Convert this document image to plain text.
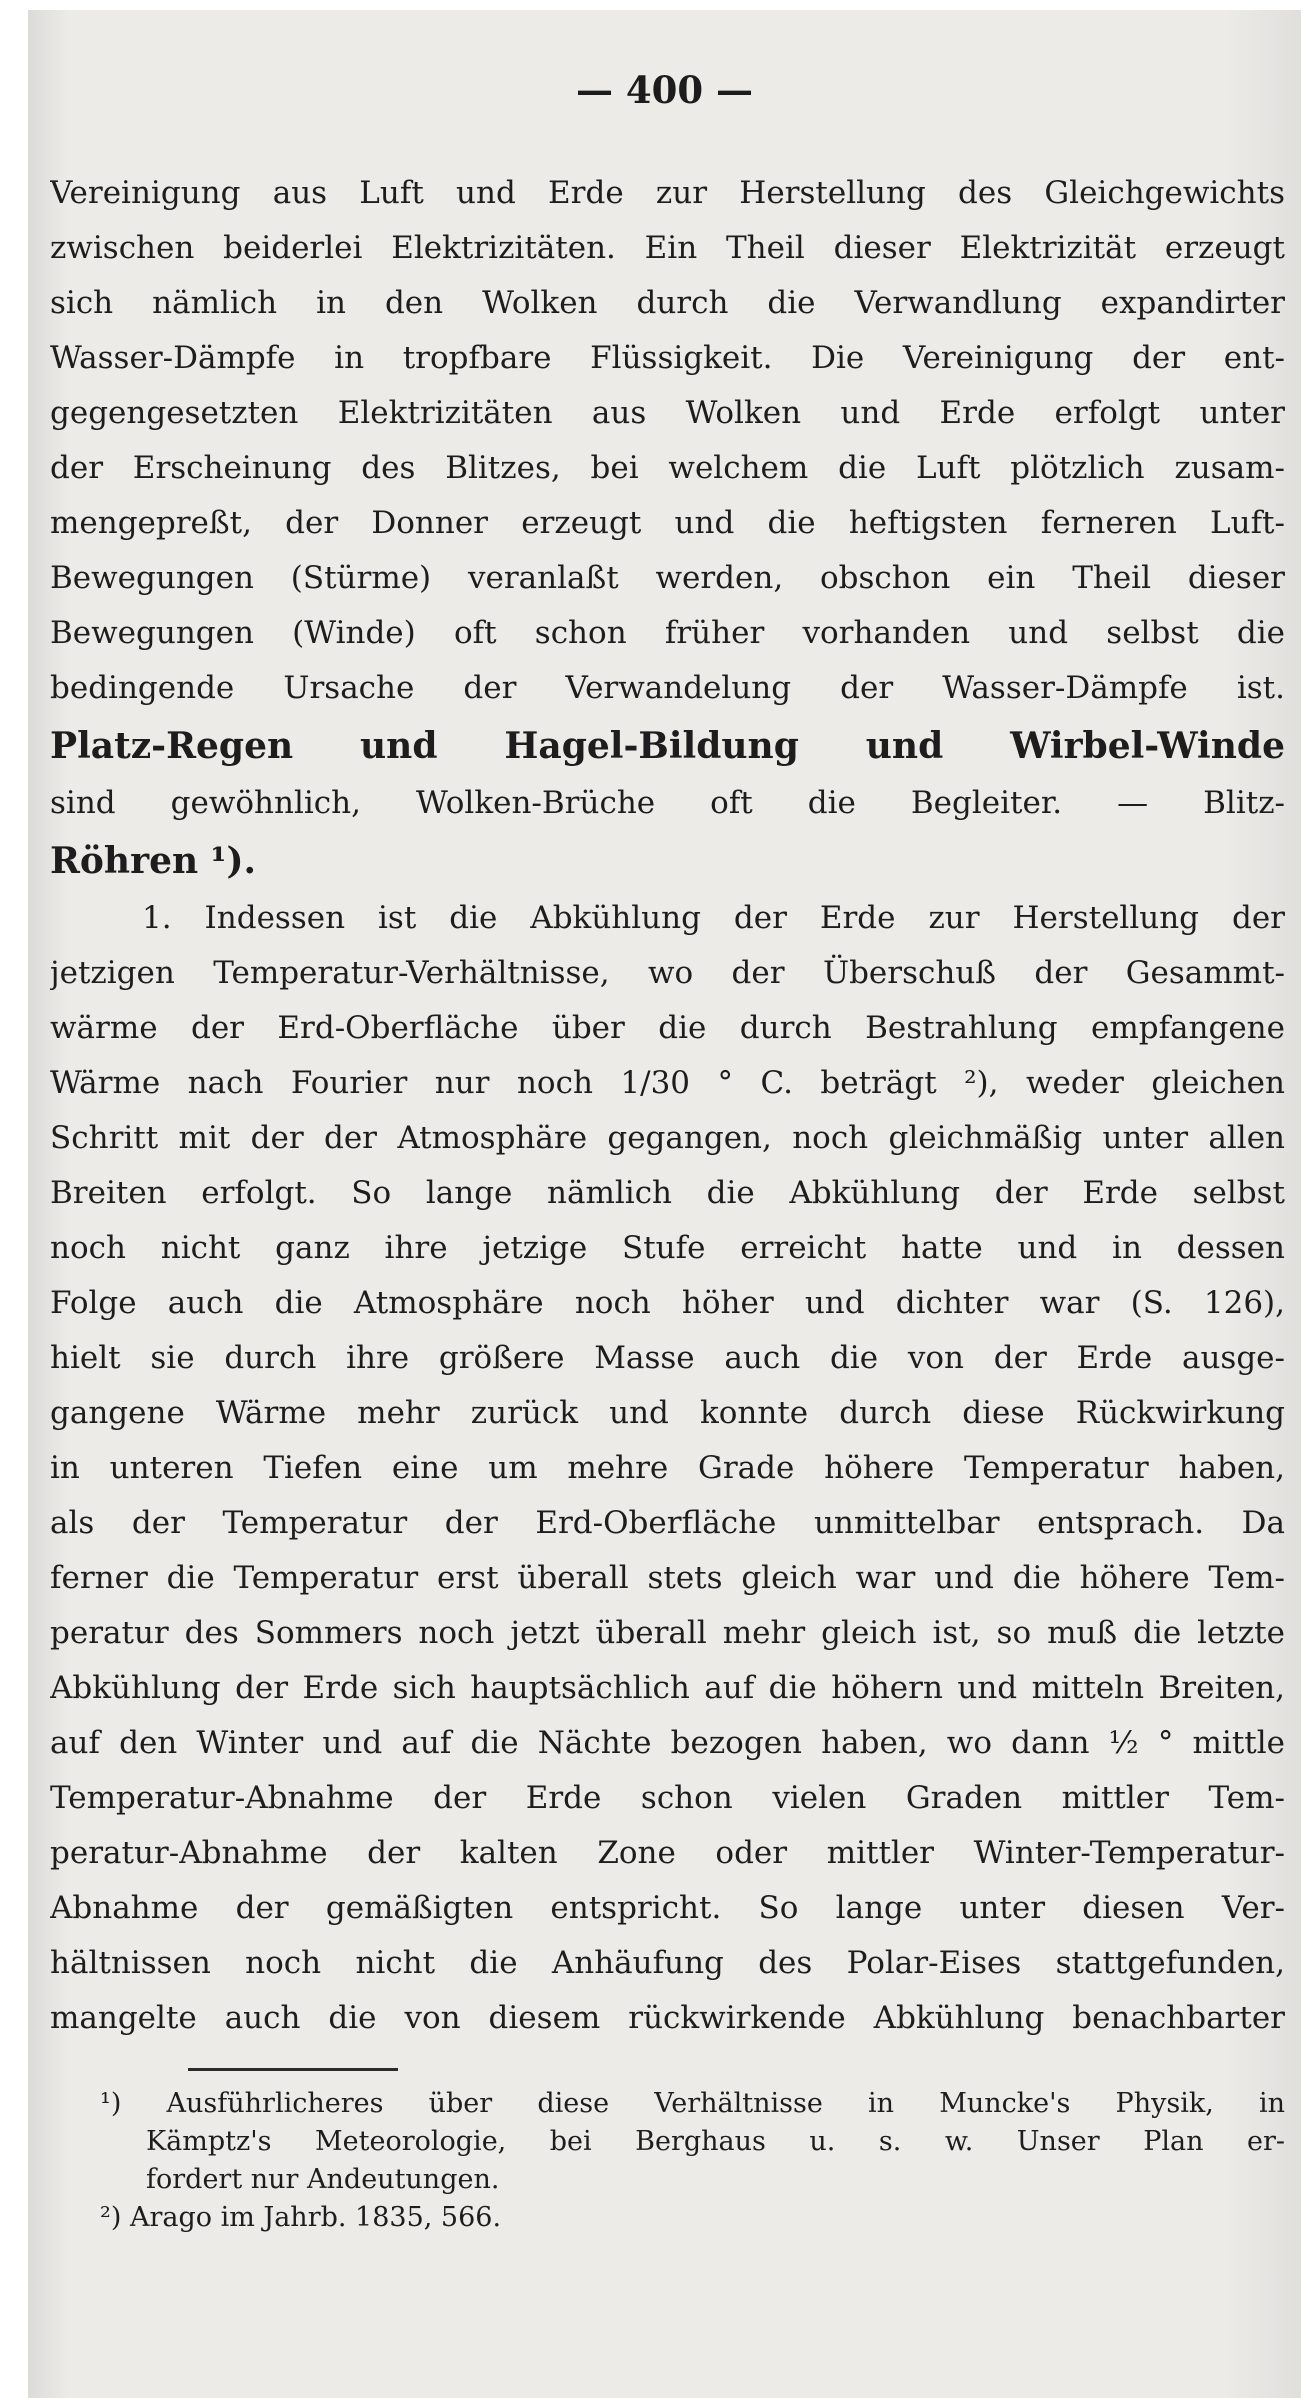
— 400 —
Vereinigung aus Luft und Erde zur Herstellung des Gleichgewichts
zwischen beiderlei Elektrizitäten. Ein Theil dieser Elektrizität erzeugt
sich nämlich in den Wolken durch die Verwandlung expandirter
Wasser-Dämpfe in tropfbare Flüssigkeit. Die Vereinigung der ent-
gegengesetzten Elektrizitäten aus Wolken und Erde erfolgt unter
der Erscheinung des Blitzes, bei welchem die Luft plötzlich zusam-
mengepreßt, der Donner erzeugt und die heftigsten ferneren Luft-
Bewegungen (Stürme) veranlaßt werden, obschon ein Theil dieser
Bewegungen (Winde) oft schon früher vorhanden und selbst die
bedingende Ursache der Verwandelung der Wasser-Dämpfe ist.
Platz-Regen und Hagel-Bildung und Wirbel-Winde
sind gewöhnlich, Wolken-Brüche oft die Begleiter. — Blitz-
Röhren ¹).
1. Indessen ist die Abkühlung der Erde zur Herstellung der
jetzigen Temperatur-Verhältnisse, wo der Überschuß der Gesammt-
wärme der Erd-Oberfläche über die durch Bestrahlung empfangene
Wärme nach Fourier nur noch 1/30 ° C. beträgt ²), weder gleichen
Schritt mit der der Atmosphäre gegangen, noch gleichmäßig unter allen
Breiten erfolgt. So lange nämlich die Abkühlung der Erde selbst
noch nicht ganz ihre jetzige Stufe erreicht hatte und in dessen
Folge auch die Atmosphäre noch höher und dichter war (S. 126),
hielt sie durch ihre größere Masse auch die von der Erde ausge-
gangene Wärme mehr zurück und konnte durch diese Rückwirkung
in unteren Tiefen eine um mehre Grade höhere Temperatur haben,
als der Temperatur der Erd-Oberfläche unmittelbar entsprach. Da
ferner die Temperatur erst überall stets gleich war und die höhere Tem-
peratur des Sommers noch jetzt überall mehr gleich ist, so muß die letzte
Abkühlung der Erde sich hauptsächlich auf die höhern und mitteln Breiten,
auf den Winter und auf die Nächte bezogen haben, wo dann ½ ° mittle
Temperatur-Abnahme der Erde schon vielen Graden mittler Tem-
peratur-Abnahme der kalten Zone oder mittler Winter-Temperatur-
Abnahme der gemäßigten entspricht. So lange unter diesen Ver-
hältnissen noch nicht die Anhäufung des Polar-Eises stattgefunden,
mangelte auch die von diesem rückwirkende Abkühlung benachbarter
¹) Ausführlicheres über diese Verhältnisse in Muncke's Physik, in
Kämptz's Meteorologie, bei Berghaus u. s. w. Unser Plan er-
fordert nur Andeutungen.
²) Arago im Jahrb. 1835, 566.
